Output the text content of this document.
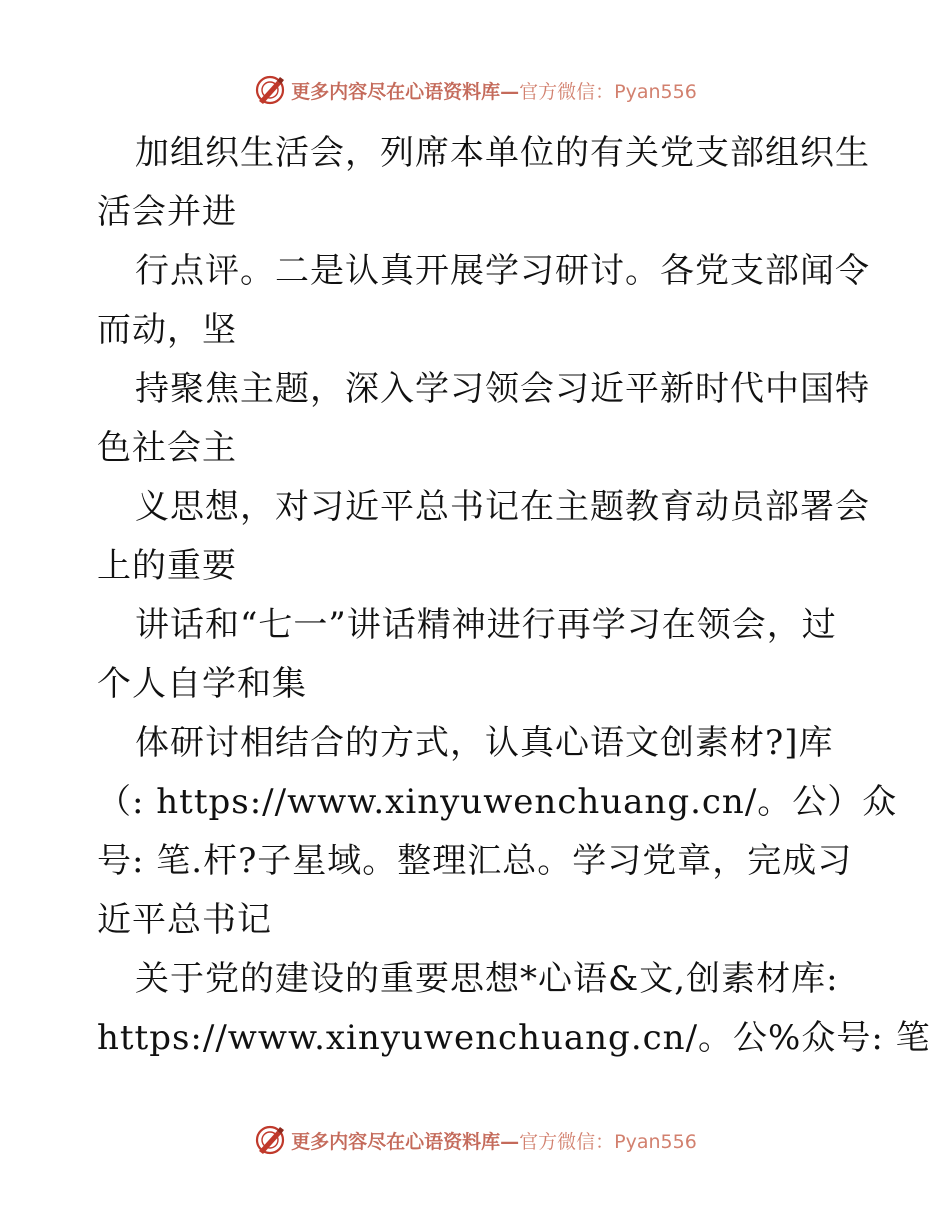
更多内容尽在心语资料库— 官方微信：Pyan556
加组织生活会，列席本单位的有关党支部组织生
活会并进
行点评。二是认真开展学习研讨。各党支部闻令
而动，坚
持聚焦主题，深入学习领会习近平新时代中国特
色社会主
义思想，对习近平总书记在主题教育动员部署会
上的重要
讲话和“七一”讲话精神进行再学习在领会，过
个人自学和集
体研讨相结合的方式，认真心语文创素材?]库
（: https://www.xinyuwenchuang.cn/。公）众
号: 笔.杆?子星域。整理汇总。学习党章，完成习
近平总书记
关于党的建设的重要思想*心语&文,创素材库:
https://www.xinyuwenchuang.cn/。公%众号: 笔
更多内容尽在心语资料库— 官方微信：Pyan556
